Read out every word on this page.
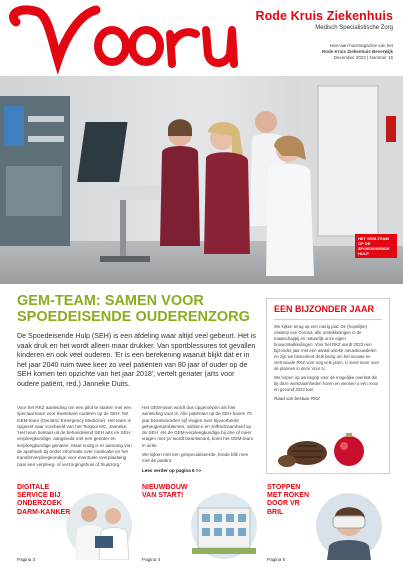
Voor u
Rode Kruis Ziekenhuis
Medisch Specialistische Zorg
Huis-aan-huismagazine van het
Rode Kruis Ziekenhuis Beverwijk
December 2022 | Nummer 16
HET GEM-TEAM OP DE SPOEDEISENDE HULP
GEM-TEAM: SAMEN VOOR
SPOEDEISENDE OUDERENZORG

De Spoedeisende Hulp (SEH) is een afdeling waar altijd veel gebeurt. Het is vaak druk en het wordt alleen maar drukker. Van sportblessures tot gevallen kinderen en ook veel ouderen. 'Er is een berekening waaruit blijkt dat er in het jaar 2040 ruim twee keer zo veel patiënten van 80 jaar of ouder op de SEH komen ten opzichte van het jaar 2018', vertelt geriater (arts voor oudere patiënt, red.) Janneke Duits.

Voor het RKZ aanleiding om een pilot te starten met een speciaal team voor kwetsbare ouderen op de SEH: het GEM-team (Geriatric Emergency Medicine). Het team is opgezet naar voorbeeld van het Tergooi MC, Janneke: 'Het team bestaat uit de behandelend SEH arts en SEH verpleegkundige, aangevuld met een geriater en verpleegkundige geriatrie. Maar nodig is er aanvang van de apotheek bij onder informatie over medicatie en het transferverpleegkundige voor eventuele overplaatsing naar een verpleeg- of verzorgingshuis of thuiszorg.'

Het GEM-team wordt dus opgeroepen als hier aanleiding voor is. Alle patiënten op de SEH boven 70 jaar beantwoorden vijf vragen over bijvoorbeeld geheugenproblemen, valrisico en zelfredzaamheid op de SEH. Als de GEM-verpleegkundige bij drie of meer vragen met 'ja' wordt beantwoord, komt het GEM-team in actie.

We kijken met een gespecialiseerde, brede blik mee met de patiënt.

Lees verder op pagina 6 >>

EEN BIJZONDER JAAR

We kijken terug op een roerig jaar. De (hopelijke) nasleep van Corona, alle ontwikkelingen in de maatschappij en natuurlijk onze eigen bouwontwikkelingen. Voor het RKZ wordt 2023 een bijzonder jaar met een aantal unieke nieuwbouwdelen en zijn we binnenkort druk bezig om het nieuwe en vertrouwde RKZ voor nog vele jaren. U leest meer over de plannen in deze Voor U.

We hopen op uw begrip voor de mogelijke overlast die bij deze werkzaamheden horen en wensen u een mooi en gezond 2023 toe!

Raad van bestuur RKZ
DIGITALE SERVICE BIJ ONDERZOEK DARM-KANKER
Pagina 3
NIEUWBOUW VAN START!
Pagina 4
STOPPEN MET ROKEN DOOR VR BRIL
Pagina 5
